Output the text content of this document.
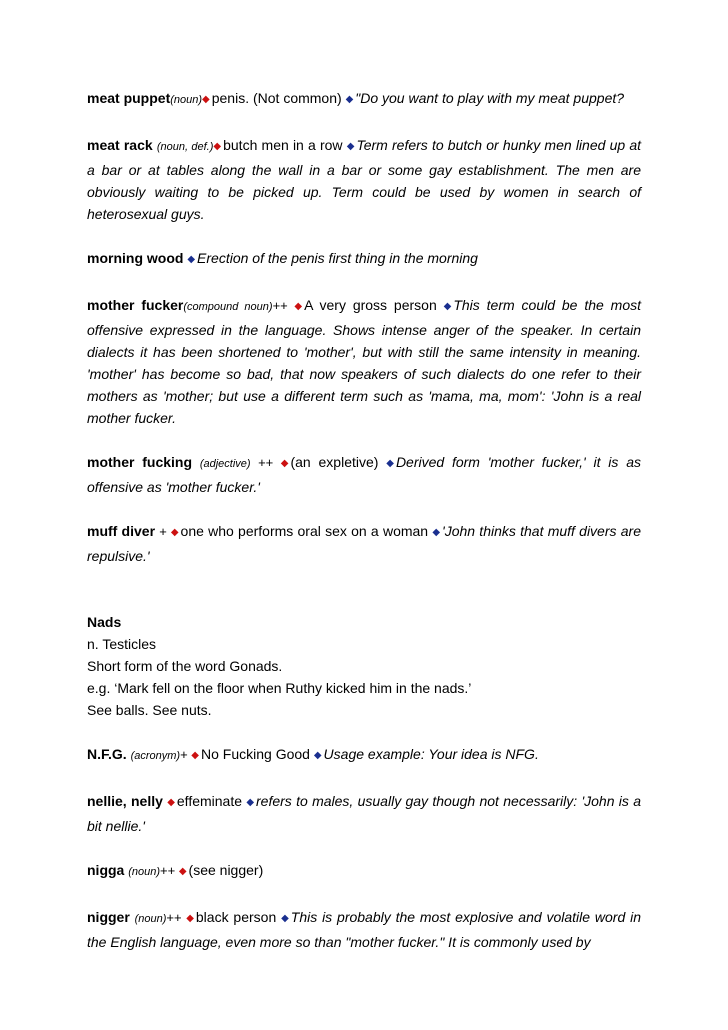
meat puppet(noun)◆ penis. (Not common) ◆ "Do you want to play with my meat puppet?

meat rack (noun, def.)◆ butch men in a row ◆ Term refers to butch or hunky men lined up at a bar or at tables along the wall in a bar or some gay establishment. The men are obviously waiting to be picked up. Term could be used by women in search of heterosexual guys.

morning wood ◆ Erection of the penis first thing in the morning

mother fucker(compound noun)++ ◆ A very gross person ◆ This term could be the most offensive expressed in the language. Shows intense anger of the speaker. In certain dialects it has been shortened to 'mother', but with still the same intensity in meaning. 'mother' has become so bad, that now speakers of such dialects do one refer to their mothers as 'mother; but use a different term such as 'mama, ma, mom': 'John is a real mother fucker.

mother fucking (adjective) ++ ◆ (an expletive) ◆ Derived form 'mother fucker,' it is as offensive as 'mother fucker.'

muff diver + ◆ one who performs oral sex on a woman ◆ 'John thinks that muff divers are repulsive.'

Nads
n. Testicles
Short form of the word Gonads.
e.g. ‘Mark fell on the floor when Ruthy kicked him in the nads.’
See balls. See nuts.

N.F.G. (acronym)+ ◆ No Fucking Good ◆ Usage example: Your idea is NFG.

nellie, nelly ◆ effeminate ◆ refers to males, usually gay though not necessarily: 'John is a bit nellie.'

nigga (noun)++ ◆ (see nigger)

nigger (noun)++ ◆ black person ◆ This is probably the most explosive and volatile word in the English language, even more so than "mother fucker." It is commonly used by
